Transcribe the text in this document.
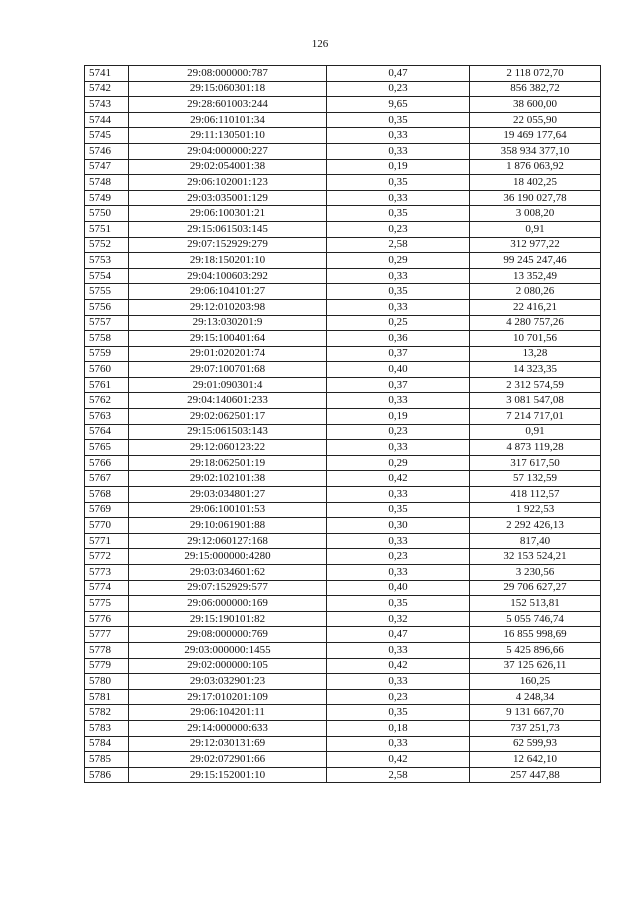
126
5741	29:08:000000:787	0,47	2 118 072,70
5742	29:15:060301:18	0,23	856 382,72
5743	29:28:601003:244	9,65	38 600,00
5744	29:06:110101:34	0,35	22 055,90
5745	29:11:130501:10	0,33	19 469 177,64
5746	29:04:000000:227	0,33	358 934 377,10
5747	29:02:054001:38	0,19	1 876 063,92
5748	29:06:102001:123	0,35	18 402,25
5749	29:03:035001:129	0,33	36 190 027,78
5750	29:06:100301:21	0,35	3 008,20
5751	29:15:061503:145	0,23	0,91
5752	29:07:152929:279	2,58	312 977,22
5753	29:18:150201:10	0,29	99 245 247,46
5754	29:04:100603:292	0,33	13 352,49
5755	29:06:104101:27	0,35	2 080,26
5756	29:12:010203:98	0,33	22 416,21
5757	29:13:030201:9	0,25	4 280 757,26
5758	29:15:100401:64	0,36	10 701,56
5759	29:01:020201:74	0,37	13,28
5760	29:07:100701:68	0,40	14 323,35
5761	29:01:090301:4	0,37	2 312 574,59
5762	29:04:140601:233	0,33	3 081 547,08
5763	29:02:062501:17	0,19	7 214 717,01
5764	29:15:061503:143	0,23	0,91
5765	29:12:060123:22	0,33	4 873 119,28
5766	29:18:062501:19	0,29	317 617,50
5767	29:02:102101:38	0,42	57 132,59
5768	29:03:034801:27	0,33	418 112,57
5769	29:06:100101:53	0,35	1 922,53
5770	29:10:061901:88	0,30	2 292 426,13
5771	29:12:060127:168	0,33	817,40
5772	29:15:000000:4280	0,23	32 153 524,21
5773	29:03:034601:62	0,33	3 230,56
5774	29:07:152929:577	0,40	29 706 627,27
5775	29:06:000000:169	0,35	152 513,81
5776	29:15:190101:82	0,32	5 055 746,74
5777	29:08:000000:769	0,47	16 855 998,69
5778	29:03:000000:1455	0,33	5 425 896,66
5779	29:02:000000:105	0,42	37 125 626,11
5780	29:03:032901:23	0,33	160,25
5781	29:17:010201:109	0,23	4 248,34
5782	29:06:104201:11	0,35	9 131 667,70
5783	29:14:000000:633	0,18	737 251,73
5784	29:12:030131:69	0,33	62 599,93
5785	29:02:072901:66	0,42	12 642,10
5786	29:15:152001:10	2,58	257 447,88
